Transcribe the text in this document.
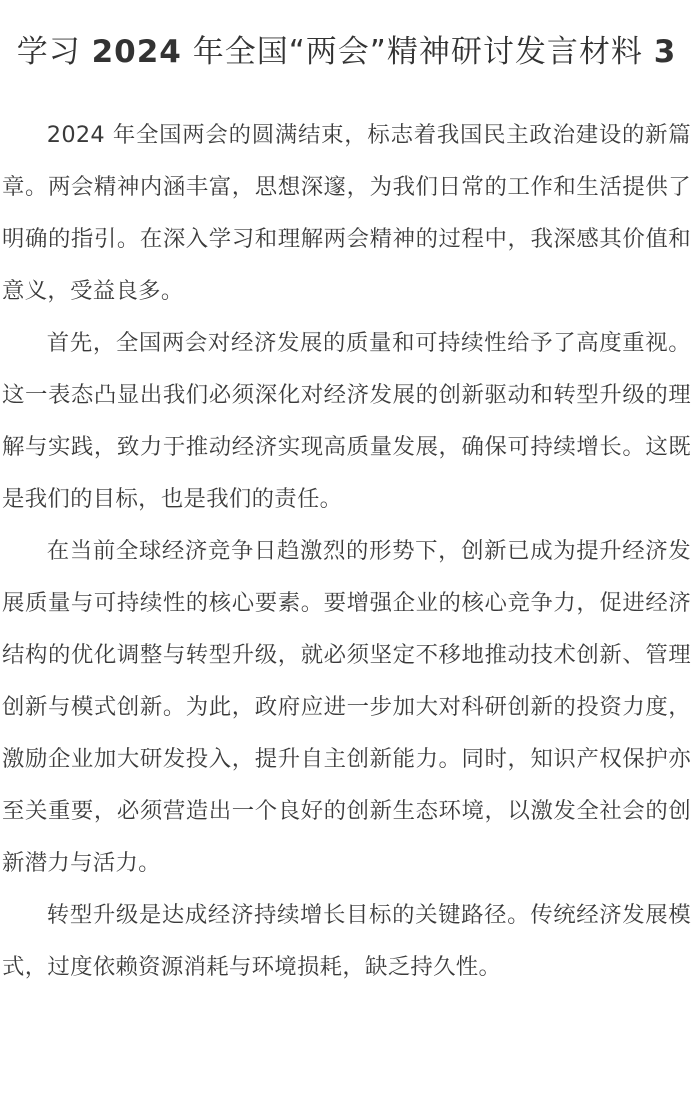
学习 2024 年全国“两会”精神研讨发言材料 3

2024 年全国两会的圆满结束，标志着我国民主政治建设的新篇章。两会精神内涵丰富，思想深邃，为我们日常的工作和生活提供了明确的指引。在深入学习和理解两会精神的过程中，我深感其价值和意义，受益良多。

首先，全国两会对经济发展的质量和可持续性给予了高度重视。这一表态凸显出我们必须深化对经济发展的创新驱动和转型升级的理解与实践，致力于推动经济实现高质量发展，确保可持续增长。这既是我们的目标，也是我们的责任。

在当前全球经济竞争日趋激烈的形势下，创新已成为提升经济发展质量与可持续性的核心要素。要增强企业的核心竞争力，促进经济结构的优化调整与转型升级，就必须坚定不移地推动技术创新、管理创新与模式创新。为此，政府应进一步加大对科研创新的投资力度，激励企业加大研发投入，提升自主创新能力。同时，知识产权保护亦至关重要，必须营造出一个良好的创新生态环境，以激发全社会的创新潜力与活力。

转型升级是达成经济持续增长目标的关键路径。传统经济发展模式，过度依赖资源消耗与环境损耗，缺乏持久性。
